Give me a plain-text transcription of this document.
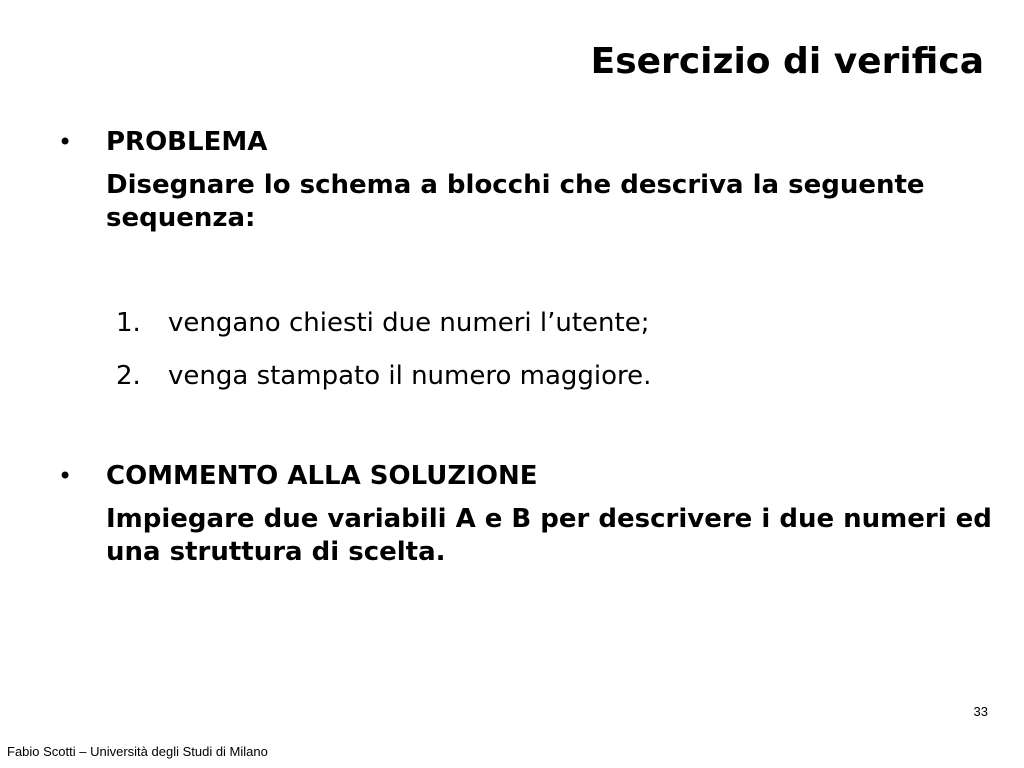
Esercizio di verifica
•	PROBLEMA
Disegnare lo schema a blocchi che descriva la seguente sequenza:
1.	vengano chiesti due numeri l’utente;
2.	venga stampato il numero maggiore.
•	COMMENTO ALLA SOLUZIONE
Impiegare due variabili A e B per descrivere i due numeri ed una struttura di scelta.
33
Fabio Scotti – Università degli Studi di Milano
